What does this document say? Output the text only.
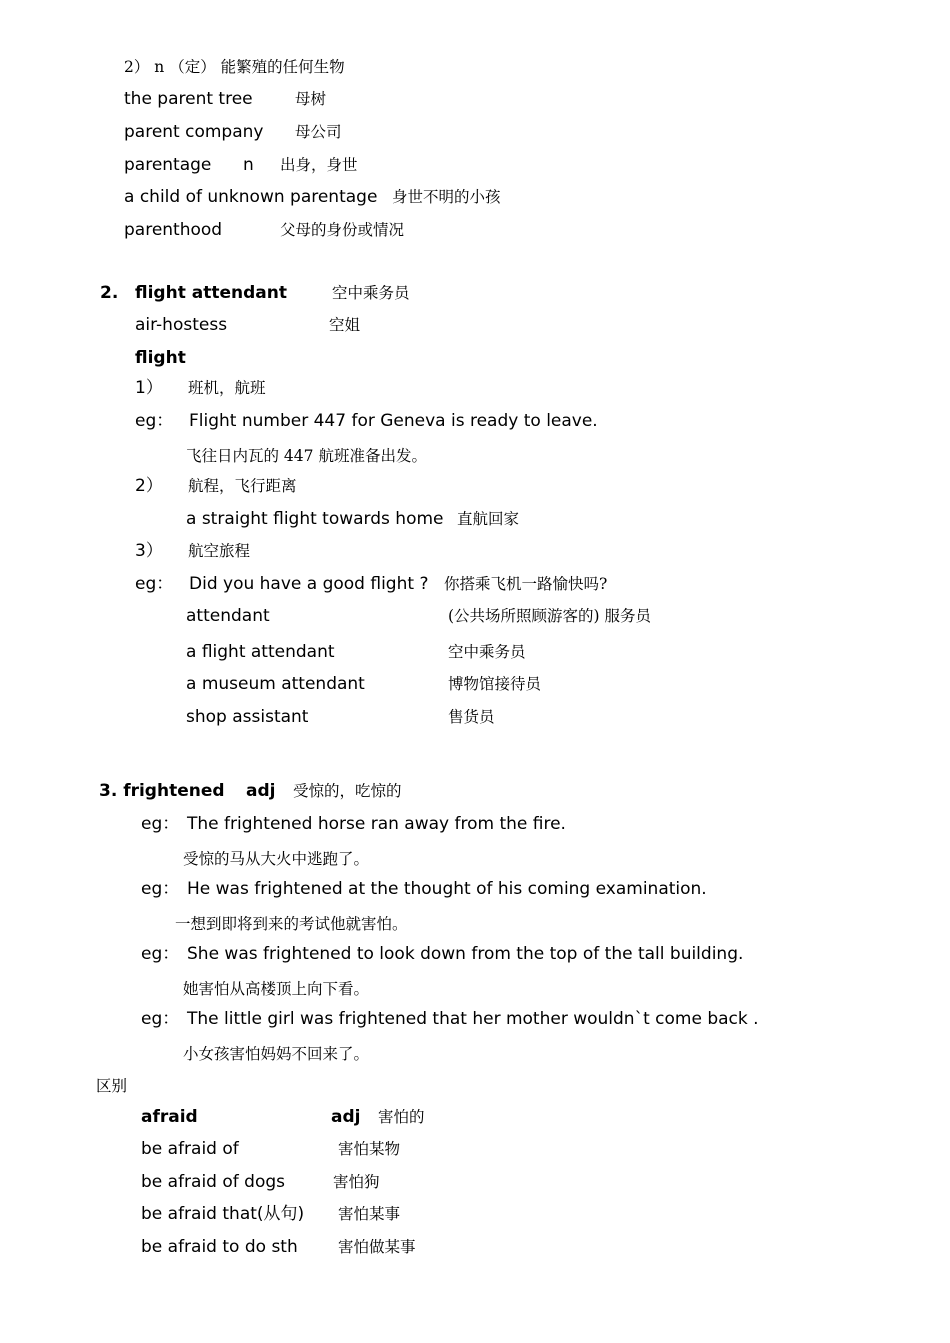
2） n （定） 能繁殖的任何生物
the parent tree	母树
parent company 母公司
parentage n 出身，身世
a child of unknown parentage 身世不明的小孩
parenthood	父母的身份或情况
2. flight attendant	空中乘务员
air-hostess	空姐
flight
1） 班机，航班
eg： Flight number 447 for Geneva is ready to leave.
飞往日内瓦的 447 航班准备出发。
2） 航程，飞行距离
a straight flight towards home 直航回家
3） 航空旅程
eg： Did you have a good flight ? 你搭乘飞机一路愉快吗?
attendant	(公共场所照顾游客的) 服务员
a flight attendant	空中乘务员
a museum attendant	博物馆接待员
shop assistant	售货员
3. frightened adj 受惊的，吃惊的
eg： The frightened horse ran away from the fire.
受惊的马从大火中逃跑了。
eg： He was frightened at the thought of his coming examination.
一想到即将到来的考试他就害怕。
eg： She was frightened to look down from the top of the tall building.
她害怕从高楼顶上向下看。
eg： The little girl was frightened that her mother wouldn`t come back .
小女孩害怕妈妈不回来了。
区别
afraid	adj 害怕的
be afraid of	害怕某物
be afraid of dogs	害怕狗
be afraid that(从句) 害怕某事
be afraid to do sth	害怕做某事
